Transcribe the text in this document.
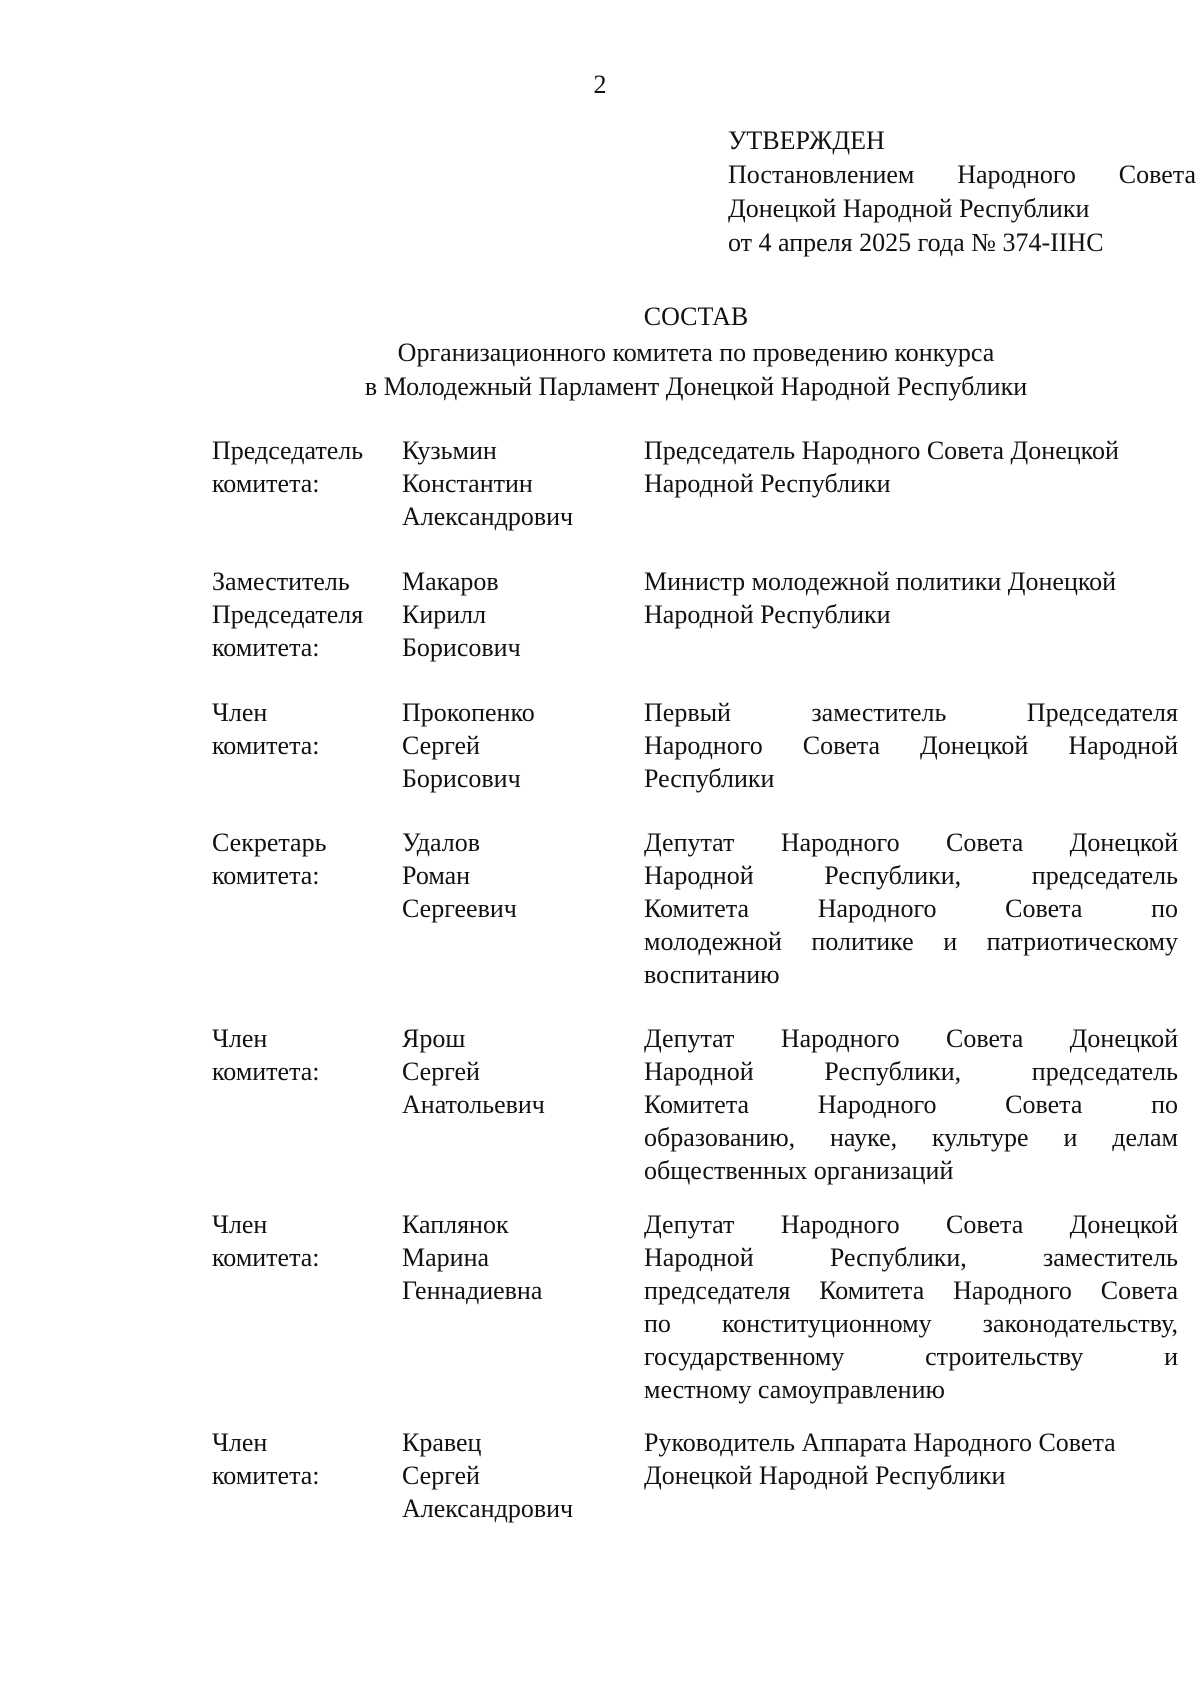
2
УТВЕРЖДЕН
Постановлением Народного Совета
Донецкой Народной Республики
от 4 апреля 2025 года № 374-IIHC
СОСТАВ
Организационного комитета по проведению конкурса
в Молодежный Парламент Донецкой Народной Республики
Председатель
комитета:
Кузьмин
Константин
Александрович
Председатель Народного Совета Донецкой
Народной Республики
Заместитель
Председателя
комитета:
Макаров
Кирилл
Борисович
Министр молодежной политики Донецкой
Народной Республики
Член
комитета:
Прокопенко
Сергей
Борисович
Первый заместитель Председателя
Народного Совета Донецкой Народной
Республики
Секретарь
комитета:
Удалов
Роман
Сергеевич
Депутат Народного Совета Донецкой
Народной Республики, председатель
Комитета Народного Совета по
молодежной политике и патриотическому
воспитанию
Член
комитета:
Ярош
Сергей
Анатольевич
Депутат Народного Совета Донецкой
Народной Республики, председатель
Комитета Народного Совета по
образованию, науке, культуре и делам
общественных организаций
Член
комитета:
Каплянок
Марина
Геннадиевна
Депутат Народного Совета Донецкой
Народной Республики, заместитель
председателя Комитета Народного Совета
по конституционному законодательству,
государственному строительству и
местному самоуправлению
Член
комитета:
Кравец
Сергей
Александрович
Руководитель Аппарата Народного Совета
Донецкой Народной Республики
